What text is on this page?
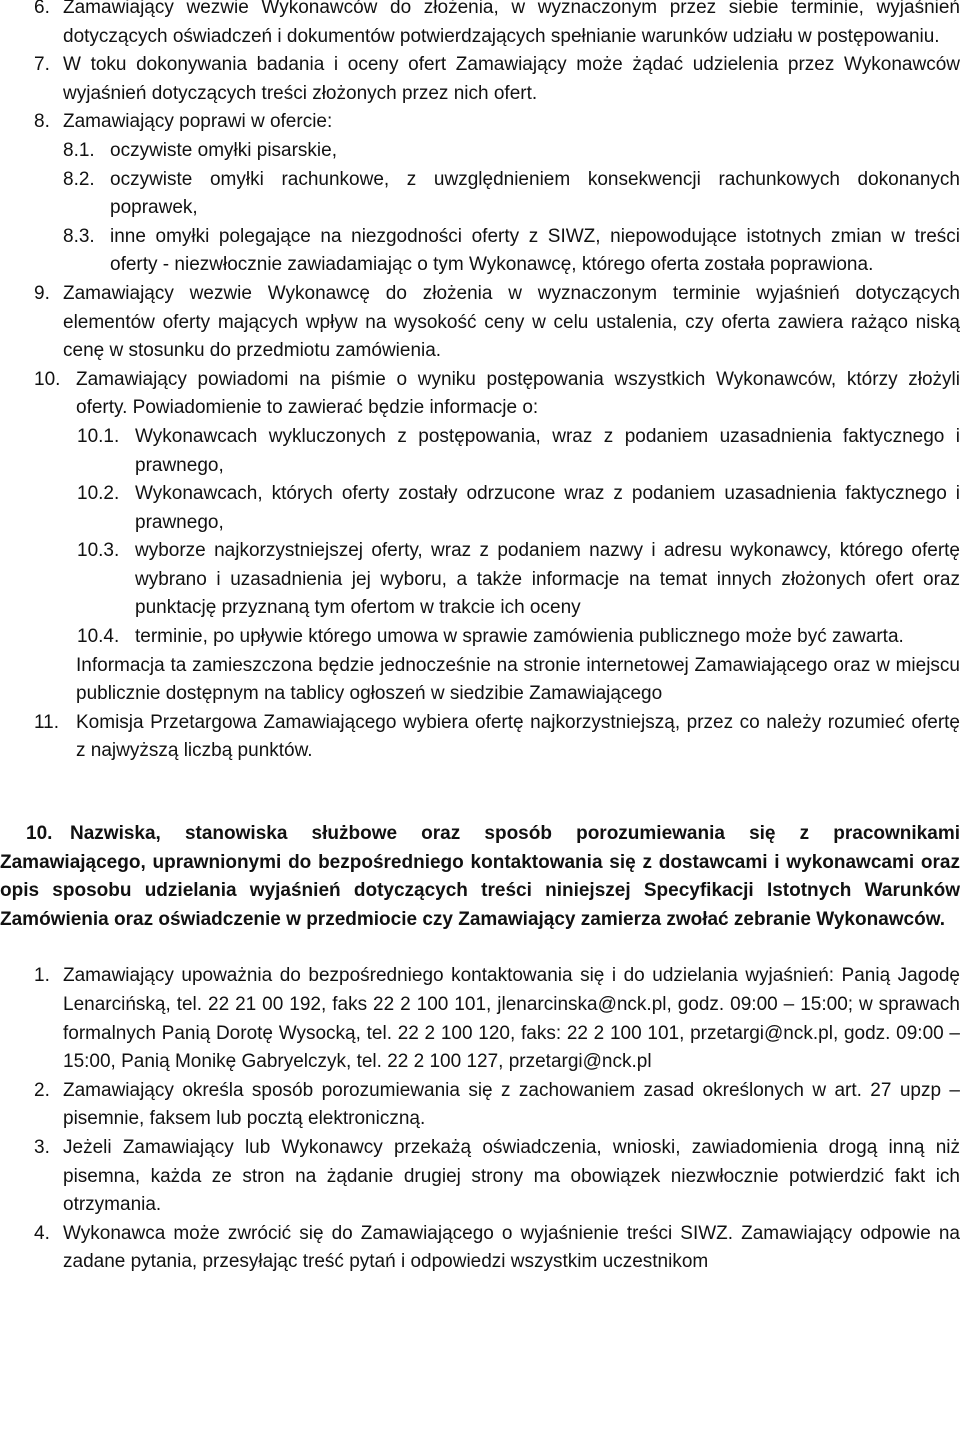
6. Zamawiający wezwie Wykonawców do złożenia, w wyznaczonym przez siebie terminie, wyjaśnień dotyczących oświadczeń i dokumentów potwierdzających spełnianie warunków udziału w postępowaniu.
7. W toku dokonywania badania i oceny ofert Zamawiający może żądać udzielenia przez Wykonawców wyjaśnień dotyczących treści złożonych przez nich ofert.
8. Zamawiający poprawi w ofercie:
8.1. oczywiste omyłki pisarskie,
8.2. oczywiste omyłki rachunkowe, z uwzględnieniem konsekwencji rachunkowych dokonanych poprawek,
8.3. inne omyłki polegające na niezgodności oferty z SIWZ, niepowodujące istotnych zmian w treści oferty - niezwłocznie zawiadamiając o tym Wykonawcę, którego oferta została poprawiona.
9. Zamawiający wezwie Wykonawcę do złożenia w wyznaczonym terminie wyjaśnień dotyczących elementów oferty mających wpływ na wysokość ceny w celu ustalenia, czy oferta zawiera rażąco niską cenę w stosunku do przedmiotu zamówienia.
10. Zamawiający powiadomi na piśmie o wyniku postępowania wszystkich Wykonawców, którzy złożyli oferty. Powiadomienie to zawierać będzie informacje o:
10.1. Wykonawcach wykluczonych z postępowania, wraz z podaniem uzasadnienia faktycznego i prawnego,
10.2. Wykonawcach, których oferty zostały odrzucone wraz z podaniem uzasadnienia faktycznego i prawnego,
10.3. wyborze najkorzystniejszej oferty, wraz z podaniem nazwy i adresu wykonawcy, którego ofertę wybrano i uzasadnienia jej wyboru, a także informacje na temat innych złożonych ofert oraz punktację przyznaną tym ofertom w trakcie ich oceny
10.4. terminie, po upływie którego umowa w sprawie zamówienia publicznego może być zawarta.
Informacja ta zamieszczona będzie jednocześnie na stronie internetowej Zamawiającego oraz w miejscu publicznie dostępnym na tablicy ogłoszeń w siedzibie Zamawiającego
11. Komisja Przetargowa Zamawiającego wybiera ofertę najkorzystniejszą, przez co należy rozumieć ofertę z najwyższą liczbą punktów.
10. Nazwiska, stanowiska służbowe oraz sposób porozumiewania się z pracownikami Zamawiającego, uprawnionymi do bezpośredniego kontaktowania się z dostawcami i wykonawcami oraz opis sposobu udzielania wyjaśnień dotyczących treści niniejszej Specyfikacji Istotnych Warunków Zamówienia oraz oświadczenie w przedmiocie czy Zamawiający zamierza zwołać zebranie Wykonawców.
1. Zamawiający upoważnia do bezpośredniego kontaktowania się i do udzielania wyjaśnień: Panią Jagodę Lenarcińską, tel. 22 21 00 192, faks 22 2 100 101, jlenarcinska@nck.pl, godz. 09:00 – 15:00; w sprawach formalnych Panią Dorotę Wysocką, tel. 22 2 100 120, faks: 22 2 100 101, przetargi@nck.pl, godz. 09:00 – 15:00, Panią Monikę Gabryelczyk, tel. 22 2 100 127, przetargi@nck.pl
2. Zamawiający określa sposób porozumiewania się z zachowaniem zasad określonych w art. 27 upzp – pisemnie, faksem lub pocztą elektroniczną.
3. Jeżeli Zamawiający lub Wykonawcy przekażą oświadczenia, wnioski, zawiadomienia drogą inną niż pisemna, każda ze stron na żądanie drugiej strony ma obowiązek niezwłocznie potwierdzić fakt ich otrzymania.
4. Wykonawca może zwrócić się do Zamawiającego o wyjaśnienie treści SIWZ. Zamawiający odpowie na zadane pytania, przesyłając treść pytań i odpowiedzi wszystkim uczestnikom
